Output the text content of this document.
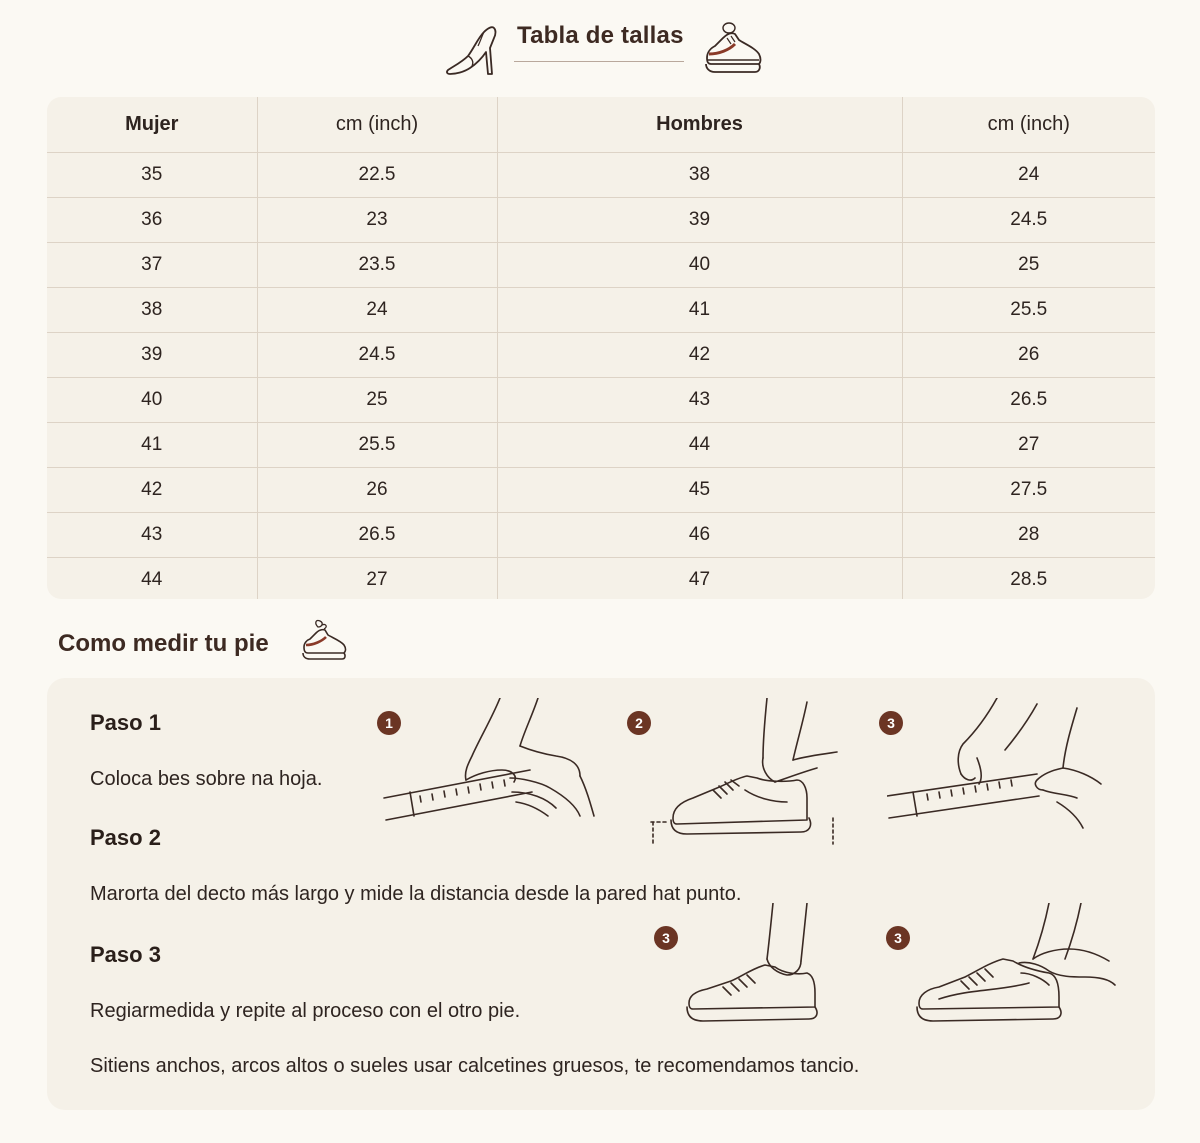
Tabla de tallas
Mujer	cm (inch)	Hombres	cm (inch)
35	22.5	38	24
36	23	39	24.5
37	23.5	40	25
38	24	41	25.5
39	24.5	42	26
40	25	43	26.5
41	25.5	44	27
42	26	45	27.5
43	26.5	46	28
44	27	47	28.5
Como medir tu pie
Paso 1
Coloca bes sobre na hoja.
Paso 2
Marorta del decto más largo y mide la distancia desde la pared hat punto.
Paso 3
Regiarmedida y repite al proceso con el otro pie.
Sitiens anchos, arcos altos o sueles usar calcetines gruesos, te recomendamos tancio.
1	2	3
3	3
